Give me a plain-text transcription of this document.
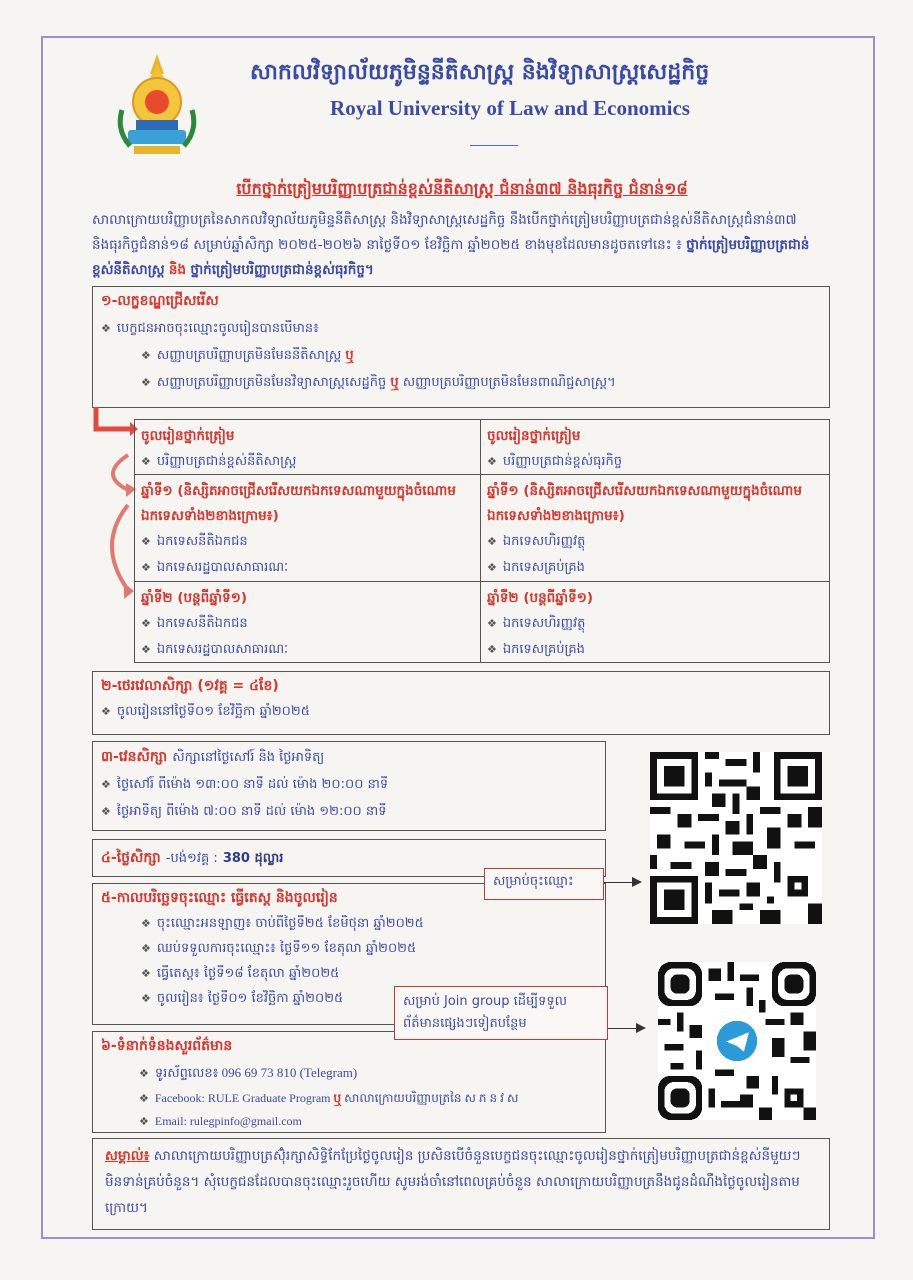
សាកលវិទ្យាល័យភូមិន្ទនីតិសាស្ត្រ និងវិទ្យាសាស្ត្រសេដ្ឋកិច្ច
Royal University of Law and Economics
បើកថ្នាក់ត្រៀមបរិញ្ញាបត្រជាន់ខ្ពស់នីតិសាស្ត្រ ជំនាន់៣៧ និងធុរកិច្ច ជំនាន់១៨
សាលាក្រោយបរិញ្ញាបត្រនៃសាកលវិទ្យាល័យភូមិន្ទនីតិសាស្ត្រ និងវិទ្យាសាស្ត្រសេដ្ឋកិច្ច នឹងបើកថ្នាក់ត្រៀមបរិញ្ញាបត្រជាន់ខ្ពស់នីតិសាស្ត្រជំនាន់៣៧ និងធុរកិច្ចជំនាន់១៨ សម្រាប់ឆ្នាំសិក្សា ២០២៥-២០២៦ នាថ្ងៃទី០១ ខែវិច្ឆិកា ឆ្នាំ២០២៥ ខាងមុខដែលមានដូចតទៅនេះ ៖ ថ្នាក់ត្រៀមបរិញ្ញាបត្រជាន់ខ្ពស់នីតិសាស្ត្រ និង ថ្នាក់ត្រៀមបរិញ្ញាបត្រជាន់ខ្ពស់ធុរកិច្ច។
១-លក្ខខណ្ឌជ្រើសរើស
❖ បេក្ខជនអាចចុះឈ្មោះចូលរៀនបានបើមាន៖
❖ សញ្ញាបត្របរិញ្ញាបត្រមិនមែននីតិសាស្ត្រ ឬ
❖ សញ្ញាបត្របរិញ្ញាបត្រមិនមែនវិទ្យាសាស្ត្រសេដ្ឋកិច្ច ឬ សញ្ញាបត្របរិញ្ញាបត្រមិនមែនពាណិជ្ជសាស្ត្រ។
ចូលរៀនថ្នាក់ត្រៀម
❖ បរិញ្ញាបត្រជាន់ខ្ពស់នីតិសាស្ត្រ
ចូលរៀនថ្នាក់ត្រៀម
❖ បរិញ្ញាបត្រជាន់ខ្ពស់ធុរកិច្ច
ឆ្នាំទី១ (និស្សិតអាចជ្រើសរើសយកឯកទេសណាមួយក្នុងចំណោមឯកទេសទាំង២ខាងក្រោម៖)
❖ ឯកទេសនីតិឯកជន
❖ ឯកទេសរដ្ឋបាលសាធារណៈ
ឆ្នាំទី១ (និស្សិតអាចជ្រើសរើសយកឯកទេសណាមួយក្នុងចំណោមឯកទេសទាំង២ខាងក្រោម៖)
❖ ឯកទេសហិរញ្ញវត្ថុ
❖ ឯកទេសគ្រប់គ្រង
ឆ្នាំទី២ (បន្តពីឆ្នាំទី១)
❖ ឯកទេសនីតិឯកជន
❖ ឯកទេសរដ្ឋបាលសាធារណៈ
ឆ្នាំទី២ (បន្តពីឆ្នាំទី១)
❖ ឯកទេសហិរញ្ញវត្ថុ
❖ ឯកទេសគ្រប់គ្រង
២-ថេរវេលាសិក្សា (១វគ្គ = ៤ខែ)
❖ ចូលរៀននៅថ្ងៃទី០១ ខែវិច្ឆិកា ឆ្នាំ២០២៥
៣-វេនសិក្សា សិក្សានៅថ្ងៃសៅរ៍ និង ថ្ងៃអាទិត្យ
❖ ថ្ងៃសៅរ៍ ពីម៉ោង ១៣:០០ នាទី ដល់ ម៉ោង ២០:០០ នាទី
❖ ថ្ងៃអាទិត្យ ពីម៉ោង ៧:០០ នាទី ដល់ ម៉ោង ១២:០០ នាទី
៤-ថ្លៃសិក្សា -បង់១វគ្គ : 380 ដុល្លារ
៥-កាលបរិច្ឆេទចុះឈ្មោះ ធ្វើតេស្ត និងចូលរៀន
❖ ចុះឈ្មោះអនឡាញ៖ ចាប់ពីថ្ងៃទី២៥ ខែមិថុនា ឆ្នាំ២០២៥
❖ ឈប់ទទួលការចុះឈ្មោះ៖ ថ្ងៃទី១១ ខែតុលា ឆ្នាំ២០២៥
❖ ធ្វើតេស្ត៖ ថ្ងៃទី១៨ ខែតុលា ឆ្នាំ២០២៥
❖ ចូលរៀន៖ ថ្ងៃទី០១ ខែវិច្ឆិកា ឆ្នាំ២០២៥
៦-ទំនាក់ទំនងសួរព័ត៌មាន
❖ ទូរស័ព្ទលេខ៖ 096 69 73 810 (Telegram)
❖ Facebook: RULE Graduate Program ឬ សាលាក្រោយបរិញ្ញាបត្រនៃ ស ភ ន វ ស
❖ Email: rulegpinfo@gmail.com
សម្រាប់ចុះឈ្មោះ
សម្រាប់ Join group ដើម្បីទទួលព័ត៌មានផ្សេងៗទៀតបន្ថែម
សម្គាល់៖ សាលាក្រោយបរិញ្ញាបត្រស៊ុំរក្សាសិទ្ធិកែប្រែថ្ងៃចូលរៀន ប្រសិនបើចំនួនបេក្ខជនចុះឈ្មោះចូលរៀនថ្នាក់ត្រៀមបរិញ្ញាបត្រជាន់ខ្ពស់នីមួយៗមិនទាន់គ្រប់ចំនួន។ សុំបេក្ខជនដែលបានចុះឈ្មោះរួចហើយ សូមរង់ចាំនៅពេលគ្រប់ចំនួន សាលាក្រោយបរិញ្ញាបត្រនឹងជូនដំណឹងថ្ងៃចូលរៀនតាមក្រោយ។
